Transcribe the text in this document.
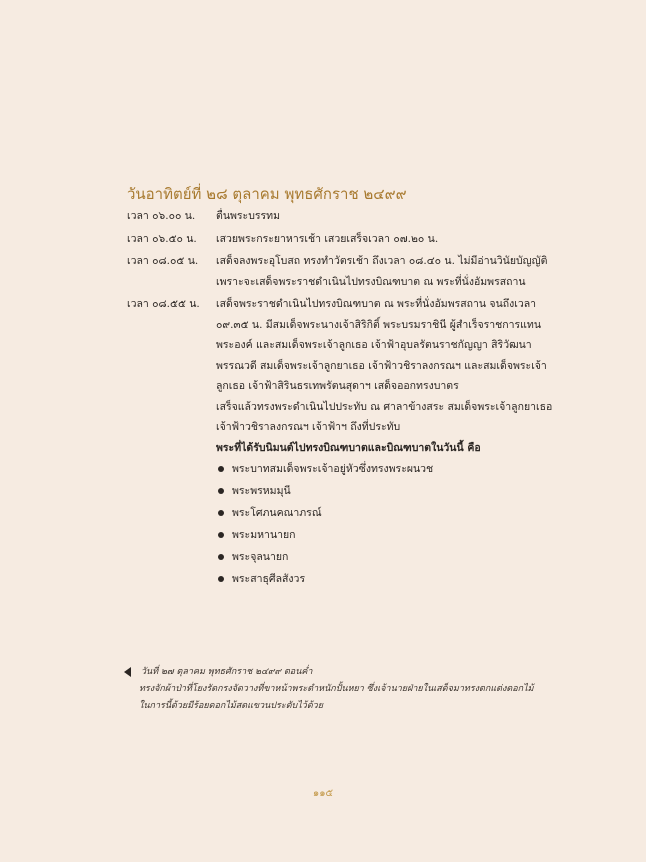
วันอาทิตย์ที่ ๒๘ ตุลาคม พุทธศักราช ๒๔๙๙
เวลา ๐๖.๐๐ น.	ตื่นพระบรรทม
เวลา ๐๖.๕๐ น.	เสวยพระกระยาหารเช้า เสวยเสร็จเวลา ๐๗.๒๐ น.
เวลา ๐๘.๐๕ น.	เสด็จลงพระอุโบสถ ทรงทำวัตรเช้า ถึงเวลา ๐๘.๔๐ น. ไม่มีอ่านวินัยบัญญัติ เพราะจะเสด็จพระราชดำเนินไปทรงบิณฑบาต ณ พระที่นั่งอัมพรสถาน
เวลา ๐๘.๕๕ น.	เสด็จพระราชดำเนินไปทรงบิณฑบาต ณ พระที่นั่งอัมพรสถาน จนถึงเวลา ๐๙.๓๕ น. มีสมเด็จพระนางเจ้าสิริกิติ์ พระบรมราชินี ผู้สำเร็จราชการแทนพระองค์ และสมเด็จพระเจ้าลูกเธอ เจ้าฟ้าอุบลรัตนราชกัญญา สิริวัฒนาพรรณวดี สมเด็จพระเจ้าลูกยาเธอ เจ้าฟ้าวชิราลงกรณฯ และสมเด็จพระเจ้าลูกเธอ เจ้าฟ้าสิรินธรเทพรัตนสุดาฯ เสด็จออกทรงบาตร
เสร็จแล้วทรงพระดำเนินไปประทับ ณ ศาลาข้างสระ สมเด็จพระเจ้าลูกยาเธอ เจ้าฟ้าวชิราลงกรณฯ เจ้าฟ้าฯ ถึงที่ประทับ
พระที่ได้รับนิมนต์ไปทรงบิณฑบาตและบิณฑบาตในวันนี้ คือ
พระบาทสมเด็จพระเจ้าอยู่หัวซึ่งทรงพระผนวช
พระพรหมมุนี
พระโศภนคณาภรณ์
พระมหานายก
พระจุลนายก
พระสาธุศีลสังวร
วันที่ ๒๗ ตุลาคม พุทธศักราช ๒๔๙๙ ตอนค่ำ
ทรงจักผ้าป่าที่โยงรัดกรงจัดวางที่ขาหน้าพระตำหนักปั้นหยา ซึ่งเจ้านายฝ่ายในเสด็จมาทรงตกแต่งดอกไม้
ในการนี้ด้วยมีร้อยดอกไม้สดแขวนประดับไว้ด้วย
๑๑๕
